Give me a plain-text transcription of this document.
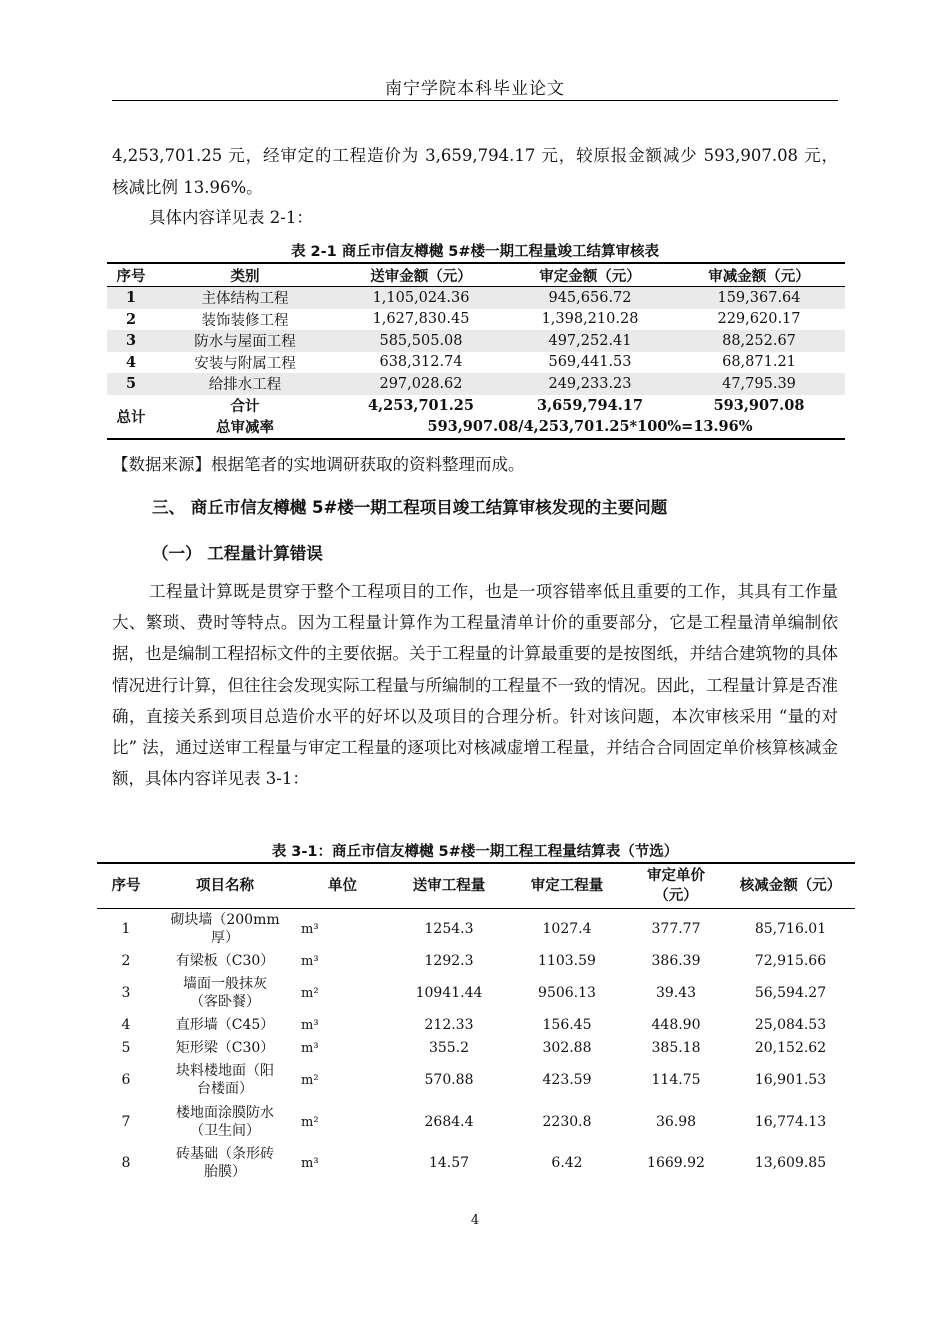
南宁学院本科毕业论文
4,253,701.25 元，经审定的工程造价为 3,659,794.17 元，较原报金额减少 593,907.08 元，
核减比例 13.96%。
具体内容详见表 2-1：
表 2-1 商丘市信友樽樾 5#楼一期工程量竣工结算审核表
序号	类别	送审金额（元）	审定金额（元）	审减金额（元）
1	主体结构工程	1,105,024.36	945,656.72	159,367.64
2	装饰装修工程	1,627,830.45	1,398,210.28	229,620.17
3	防水与屋面工程	585,505.08	497,252.41	88,252.67
4	安装与附属工程	638,312.74	569,441.53	68,871.21
5	给排水工程	297,028.62	249,233.23	47,795.39
总计	合计	4,253,701.25	3,659,794.17	593,907.08
	总审减率	593,907.08/4,253,701.25*100%=13.96%		
【数据来源】根据笔者的实地调研获取的资料整理而成。
三、 商丘市信友樽樾 5#楼一期工程项目竣工结算审核发现的主要问题
（一） 工程量计算错误
工程量计算既是贯穿于整个工程项目的工作，也是一项容错率低且重要的工作，其具有工作量大、繁琐、费时等特点。因为工程量计算作为工程量清单计价的重要部分，它是工程量清单编制依据，也是编制工程招标文件的主要依据。关于工程量的计算最重要的是按图纸，并结合建筑物的具体情况进行计算，但往往会发现实际工程量与所编制的工程量不一致的情况。因此，工程量计算是否准确，直接关系到项目总造价水平的好坏以及项目的合理分析。针对该问题，本次审核采用 “量的对比” 法，通过送审工程量与审定工程量的逐项比对核减虚增工程量，并结合合同固定单价核算核减金额，具体内容详见表 3-1：
表 3-1：商丘市信友樽樾 5#楼一期工程工程量结算表（节选）
序号	项目名称	单位	送审工程量	审定工程量	审定单价
（元）	核减金额（元）
1	砌块墙（200mm
厚）	m³	1254.3	1027.4	377.77	85,716.01
2	有梁板（C30）	m³	1292.3	1103.59	386.39	72,915.66
3	墙面一般抹灰
（客卧餐）	m²	10941.44	9506.13	39.43	56,594.27
4	直形墙（C45）	m³	212.33	156.45	448.90	25,084.53
5	矩形梁（C30）	m³	355.2	302.88	385.18	20,152.62
6	块料楼地面（阳
台楼面）	m²	570.88	423.59	114.75	16,901.53
7	楼地面涂膜防水
（卫生间）	m²	2684.4	2230.8	36.98	16,774.13
8	砖基础（条形砖
胎膜）	m³	14.57	6.42	1669.92	13,609.85
4
